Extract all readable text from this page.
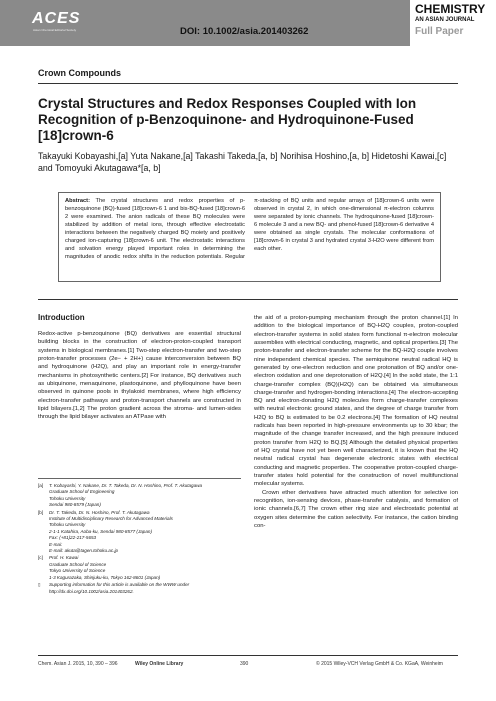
ACES
Asian Chemical Editorial Society	DOI: 10.1002/asia.201403262
CHEMISTRY
AN ASIAN JOURNAL
Full Paper
Crown Compounds
Crystal Structures and Redox Responses Coupled with Ion Recognition of p-Benzoquinone- and Hydroquinone-Fused [18]crown-6
Takayuki Kobayashi,[a] Yuta Nakane,[a] Takashi Takeda,[a, b] Norihisa Hoshino,[a, b] Hidetoshi Kawai,[c] and Tomoyuki Akutagawa*[a, b]
Abstract: The crystal structures and redox properties of p-benzoquinone (BQ)-fused [18]crown-6 1 and bis-BQ-fused [18]crown-6 2 were examined. The anion radicals of these BQ molecules were stabilized by addition of metal ions, through effective electrostatic interactions between the negatively charged BQ moiety and positively charged ion-capturing [18]crown-6 unit. The electrostatic interactions and solvation energy played important roles in determining the magnitudes of anodic redox shifts in the reduction potentials. Regular π-stacking of BQ units and regular arrays of [18]crown-6 units were observed in crystal 2, in which one-dimensional π-electron columns were separated by ionic channels. The hydroquinone-fused [18]crown-6 molecule 3 and a new BQ- and phenol-fused [18]crown-6 derivative 4 were obtained as single crystals. The molecular conformations of [18]crown-6 in crystal 3 and hydrated crystal 3-H2O were different from each other.
Introduction

Redox-active p-benzoquinone (BQ) derivatives are essential structural building blocks in the construction of electron-proton-coupled transport systems in biological membranes.[1] Two-step electron-transfer and two-step proton-transfer processes (2e− + 2H+) cause interconversion between BQ and hydroquinone (H2Q), and play an important role in energy-transfer mechanisms in photosynthetic centers.[2] For instance, BQ derivatives such as ubiquinone, menaquinone, plastoquinone, and phylloquinone have been observed in quinone pools in thylakoid membranes, where high efficiency electron-transfer pathways and proton-transport channels are constructed in lipid bilayers.[1,2] The proton gradient across the stroma- and lumen-sides through the lipid bilayer activates an ATPase with

[a] T. Kobayashi, Y. Nakane, Dr. T. Takeda, Dr. N. Hoshino, Prof. T. Akutagawa
Graduate School of Engineering
Tohoku University
Sendai 980-8579 (Japan)
[b] Dr. T. Takeda, Dr. N. Hoshino, Prof. T. Akutagawa
Institute of Multidisciplinary Research for Advanced Materials
Tohoku University
2-1-1 Katahira, Aoba-ku, Sendai 980-8577 (Japan)
Fax: (+81)22-217-5653
E-mai:
E-mail: akuta@tagen.tohoku.ac.jp
[c] Prof. H. Kawai
Graduate School of Science
Tokyo University of Science
1-3 Kagurazaka, Shinjuku-ku, Tokyo 162-8601 (Japan)
▯ Supporting information for this article is available on the WWW under http://dx.doi.org/10.1002/asia.201403262.

the aid of a proton-pumping mechanism through the proton channel.[1] In addition to the biological importance of BQ-H2Q couples, proton-coupled electron-transfer systems in solid states form functional π-electron molecular assemblies with electrical conducting, magnetic, and optical properties.[3] The proton-transfer and electron-transfer scheme for the BQ-H2Q couple involves nine independent chemical species. The semiquinone neutral radical HQ is generated by one-electron reduction and one protonation of BQ and/or one-electron oxidation and one deprotonation of H2Q.[4] In the solid state, the 1:1 charge-transfer complex (BQ)(H2Q) can be obtained via simultaneous charge-transfer and hydrogen-bonding interactions.[4] The electron-accepting BQ and electron-donating H2Q molecules form charge-transfer complexes with neutral electronic ground states, and the degree of charge transfer from H2Q to BQ is estimated to be 0.2 electrons.[4] The formation of HQ neutral radicals has been reported in high-pressure environments up to 30 kbar; the magnitude of the change transfer increased, and the high pressure induced proton transfer from H2Q to BQ.[5] Although the detailed physical properties of HQ crystal have not yet been well characterized, it is known that the HQ neutral radical crystal has degenerate electronic states with electrical conducting and magnetic properties. The cooperative proton-coupled charge-transfer states hold potential for the construction of novel multifunctional molecular systems.

Crown ether derivatives have attracted much attention for selective ion recognition, ion-sensing devices, phase-transfer catalysis, and formation of ionic channels.[6,7] The crown ether ring size and electrostatic potential at oxygen sites determine the cation selectivity. For instance, the cation binding con-

Chem. Asian J. 2015, 10, 390 – 396	Wiley Online Library	390	© 2015 Wiley-VCH Verlag GmbH & Co. KGaA, Weinheim
